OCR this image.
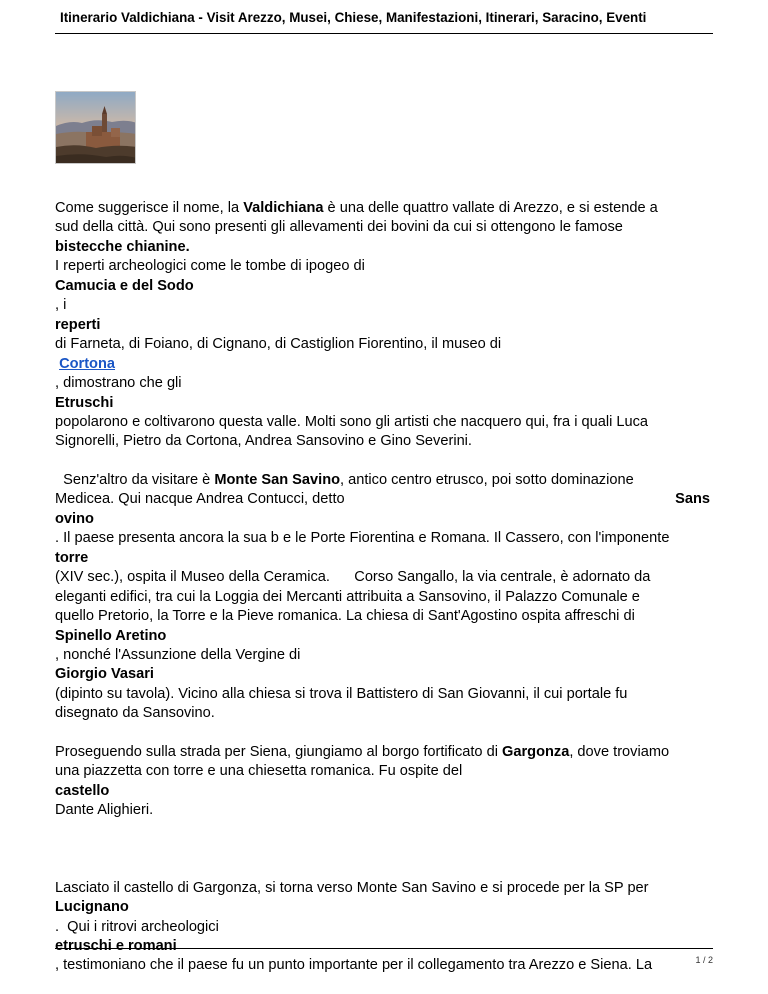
Itinerario Valdichiana - Visit Arezzo, Musei, Chiese, Manifestazioni, Itinerari, Saracino, Eventi

Come suggerisce il nome, la Valdichiana è una delle quattro vallate di Arezzo, e si estende a
sud della città. Qui sono presenti gli allevamenti dei bovini da cui si ottengono le famose
bistecche chianine.
I reperti archeologici come le tombe di ipogeo di
Camucia e del Sodo
, i
reperti
di Farneta, di Foiano, di Cignano, di Castiglion Fiorentino, il museo di
Cortona
, dimostrano che gli
Etruschi
popolarono e coltivarono questa valle. Molti sono gli artisti che nacquero qui, fra i quali Luca
Signorelli, Pietro da Cortona, Andrea Sansovino e Gino Severini.

Senz'altro da visitare è Monte San Savino, antico centro etrusco, poi sotto dominazione
Medicea. Qui nacque Andrea Contucci, detto	Sans
ovino
. Il paese presenta ancora la sua b e le Porte Fiorentina e Romana. Il Cassero, con l'imponente
torre
(XIV sec.), ospita il Museo della Ceramica.      Corso Sangallo, la via centrale, è adornato da
eleganti edifici, tra cui la Loggia dei Mercanti attribuita a Sansovino, il Palazzo Comunale e
quello Pretorio, la Torre e la Pieve romanica. La chiesa di Sant'Agostino ospita affreschi di
Spinello Aretino
, nonché l'Assunzione della Vergine di
Giorgio Vasari
(dipinto su tavola). Vicino alla chiesa si trova il Battistero di San Giovanni, il cui portale fu
disegnato da Sansovino.

Proseguendo sulla strada per Siena, giungiamo al borgo fortificato di Gargonza, dove troviamo
una piazzetta con torre e una chiesetta romanica. Fu ospite del
castello
Dante Alighieri.

Lasciato il castello di Gargonza, si torna verso Monte San Savino e si procede per la SP per
Lucignano
.  Qui i ritrovi archeologici
etruschi e romani
, testimoniano che il paese fu un punto importante per il collegamento tra Arezzo e Siena. La	1 / 2
